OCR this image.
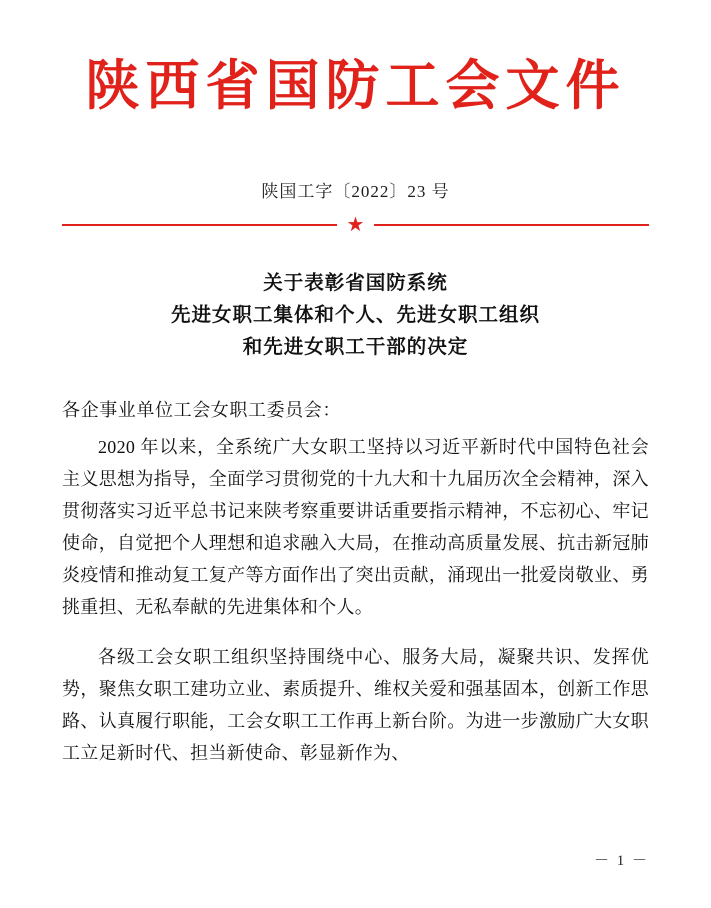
陕西省国防工会文件
陕国工字〔2022〕23 号
★
关于表彰省国防系统
先进女职工集体和个人、先进女职工组织
和先进女职工干部的决定
各企事业单位工会女职工委员会：

2020 年以来，全系统广大女职工坚持以习近平新时代中国特色社会主义思想为指导，全面学习贯彻党的十九大和十九届历次全会精神，深入贯彻落实习近平总书记来陕考察重要讲话重要指示精神，不忘初心、牢记使命，自觉把个人理想和追求融入大局，在推动高质量发展、抗击新冠肺炎疫情和推动复工复产等方面作出了突出贡献，涌现出一批爱岗敬业、勇挑重担、无私奉献的先进集体和个人。

各级工会女职工组织坚持围绕中心、服务大局，凝聚共识、发挥优势，聚焦女职工建功立业、素质提升、维权关爱和强基固本，创新工作思路、认真履行职能，工会女职工工作再上新台阶。为进一步激励广大女职工立足新时代、担当新使命、彰显新作为、

－ 1 －
